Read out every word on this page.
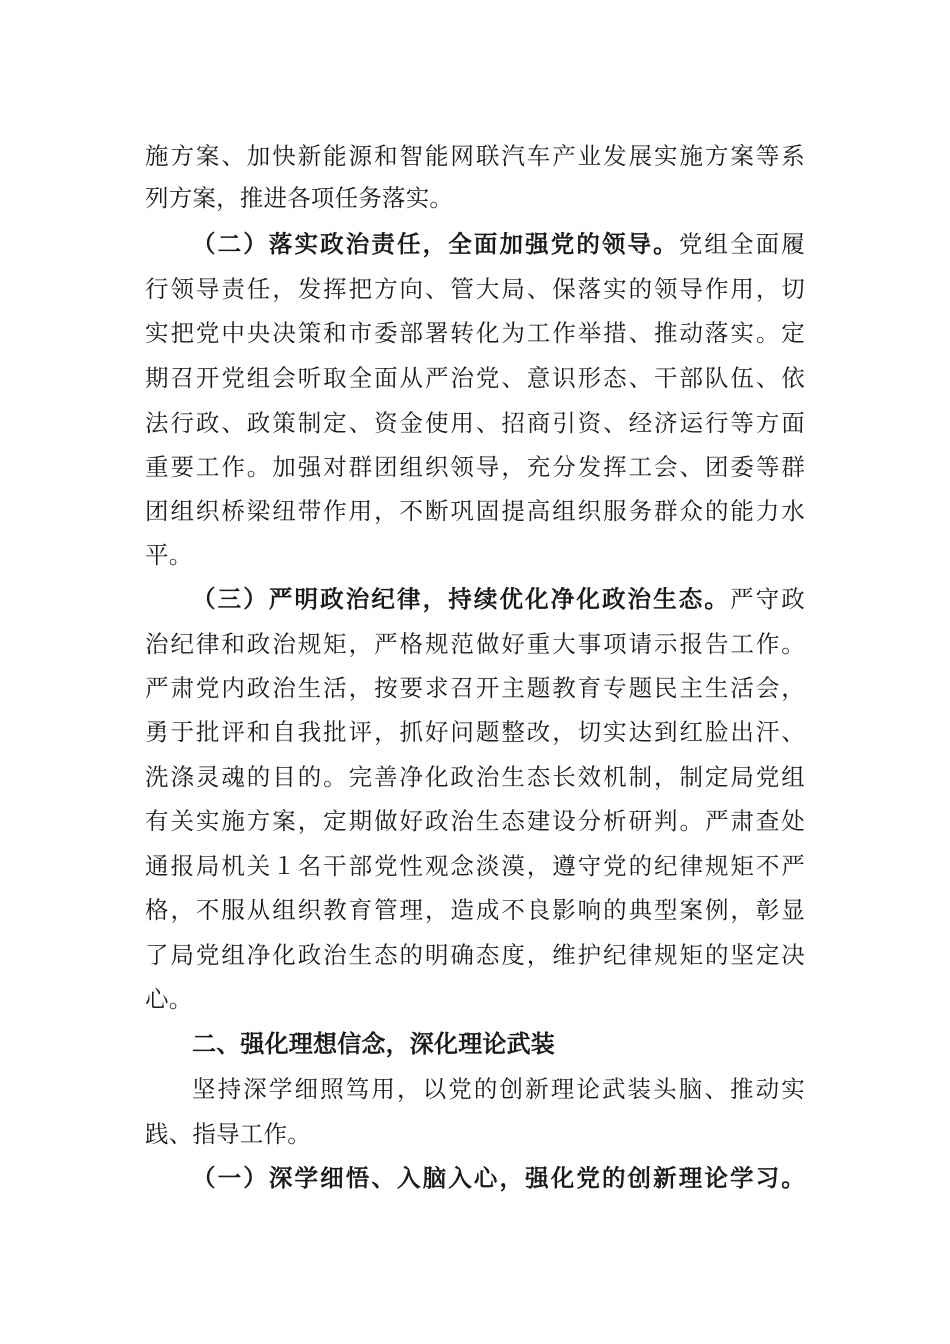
施方案、加快新能源和智能网联汽车产业发展实施方案等系
列方案，推进各项任务落实。
（二）落实政治责任，全面加强党的领导。党组全面履
行领导责任，发挥把方向、管大局、保落实的领导作用，切
实把党中央决策和市委部署转化为工作举措、推动落实。定
期召开党组会听取全面从严治党、意识形态、干部队伍、依
法行政、政策制定、资金使用、招商引资、经济运行等方面
重要工作。加强对群团组织领导，充分发挥工会、团委等群
团组织桥梁纽带作用，不断巩固提高组织服务群众的能力水
平。
（三）严明政治纪律，持续优化净化政治生态。严守政
治纪律和政治规矩，严格规范做好重大事项请示报告工作。
严肃党内政治生活，按要求召开主题教育专题民主生活会，
勇于批评和自我批评，抓好问题整改，切实达到红脸出汗、
洗涤灵魂的目的。完善净化政治生态长效机制，制定局党组
有关实施方案，定期做好政治生态建设分析研判。严肃查处
通报局机关１名干部党性观念淡漠，遵守党的纪律规矩不严
格，不服从组织教育管理，造成不良影响的典型案例，彰显
了局党组净化政治生态的明确态度，维护纪律规矩的坚定决
心。
二、强化理想信念，深化理论武装
坚持深学细照笃用，以党的创新理论武装头脑、推动实
践、指导工作。
（一）深学细悟、入脑入心，强化党的创新理论学习。
